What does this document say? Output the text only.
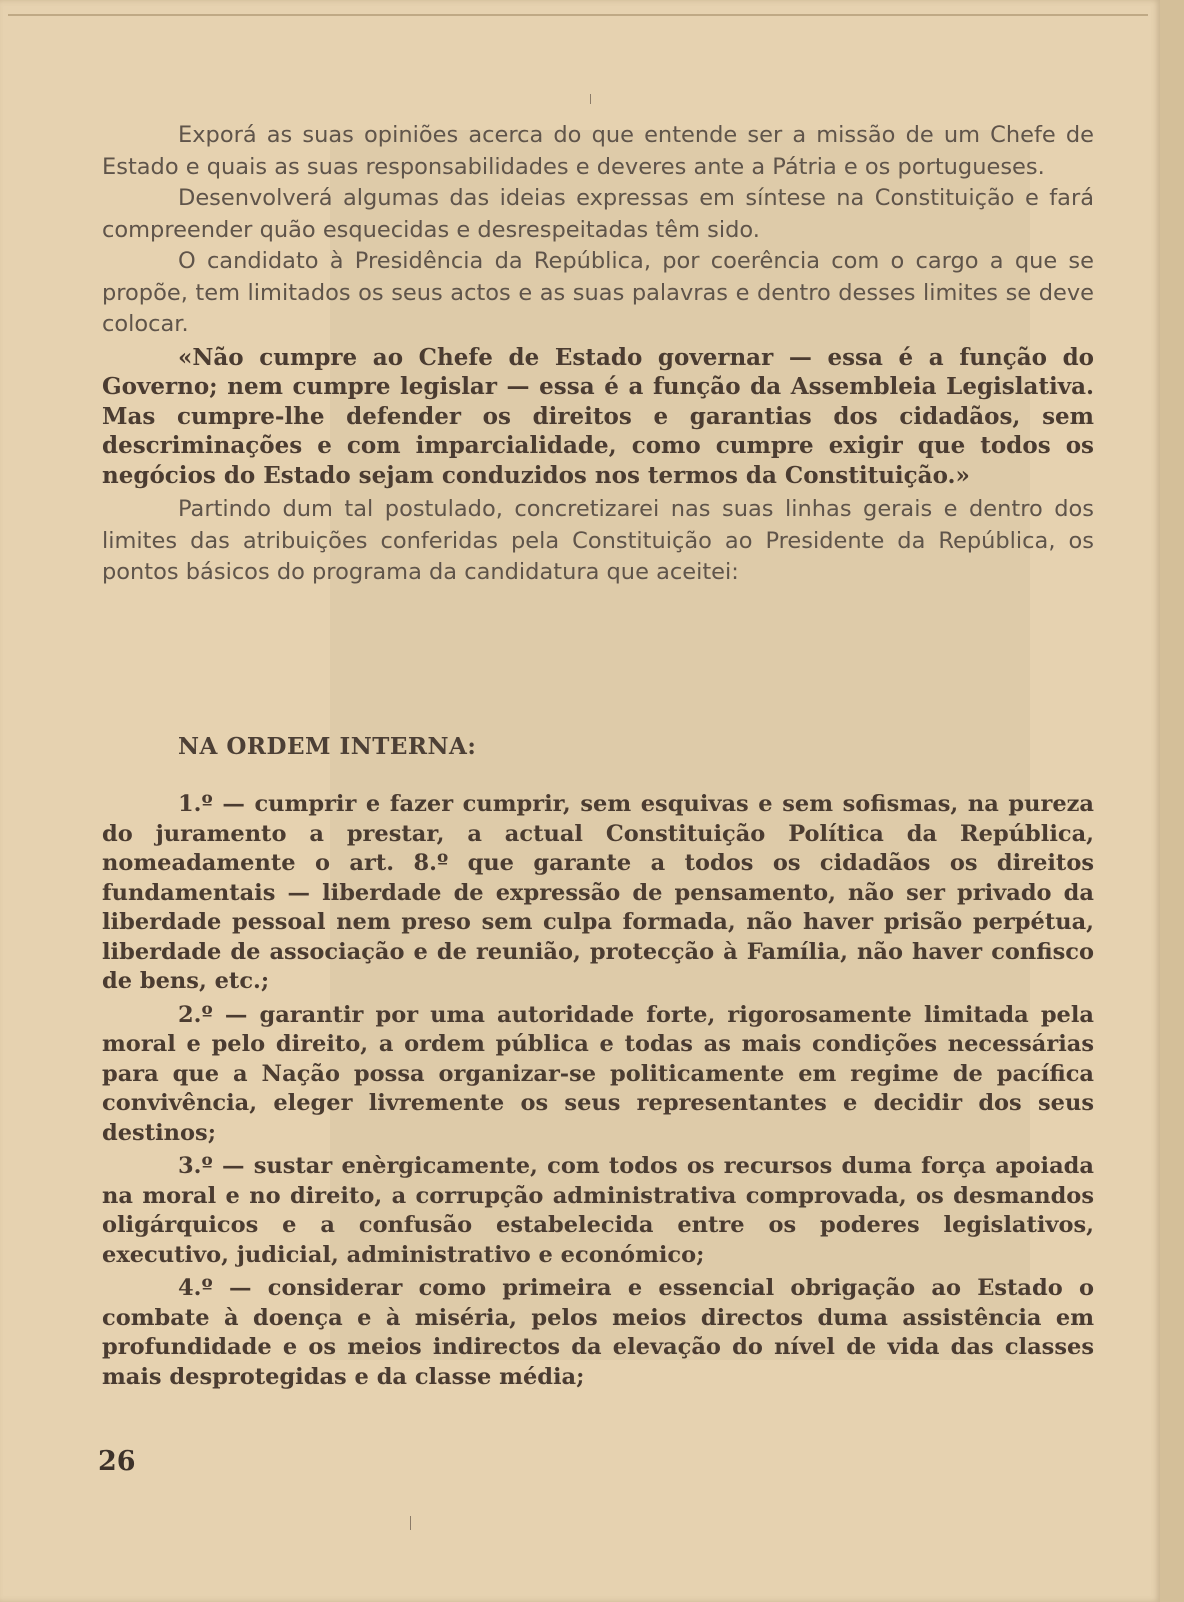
Exporá as suas opiniões acerca do que entende ser a missão de um Chefe de Estado e quais as suas responsabilidades e deveres ante a Pátria e os portugueses.

Desenvolverá algumas das ideias expressas em síntese na Constituição e fará compreender quão esquecidas e desrespeitadas têm sido.

O candidato à Presidência da República, por coerência com o cargo a que se propõe, tem limitados os seus actos e as suas palavras e dentro desses limites se deve colocar.

«Não cumpre ao Chefe de Estado governar — essa é a função do Governo; nem cumpre legislar — essa é a função da Assembleia Legislativa. Mas cumpre-lhe defender os direitos e garantias dos cidadãos, sem descriminações e com imparcialidade, como cumpre exigir que todos os negócios do Estado sejam conduzidos nos termos da Constituição.»

Partindo dum tal postulado, concretizarei nas suas linhas gerais e dentro dos limites das atribuições conferidas pela Constituição ao Presidente da República, os pontos básicos do programa da candidatura que aceitei:

NA ORDEM INTERNA:

1.º — cumprir e fazer cumprir, sem esquivas e sem sofismas, na pureza do juramento a prestar, a actual Constituição Política da República, nomeadamente o art. 8.º que garante a todos os cidadãos os direitos fundamentais — liberdade de expressão de pensamento, não ser privado da liberdade pessoal nem preso sem culpa formada, não haver prisão perpétua, liberdade de associação e de reunião, protecção à Família, não haver confisco de bens, etc.;

2.º — garantir por uma autoridade forte, rigorosamente limitada pela moral e pelo direito, a ordem pública e todas as mais condições necessárias para que a Nação possa organizar-se politicamente em regime de pacífica convivência, eleger livremente os seus representantes e decidir dos seus destinos;

3.º — sustar enèrgicamente, com todos os recursos duma força apoiada na moral e no direito, a corrupção administrativa comprovada, os desmandos oligárquicos e a confusão estabelecida entre os poderes legislativos, executivo, judicial, administrativo e económico;

4.º — considerar como primeira e essencial obrigação ao Estado o combate à doença e à miséria, pelos meios directos duma assistência em profundidade e os meios indirectos da elevação do nível de vida das classes mais desprotegidas e da classe média;

26
